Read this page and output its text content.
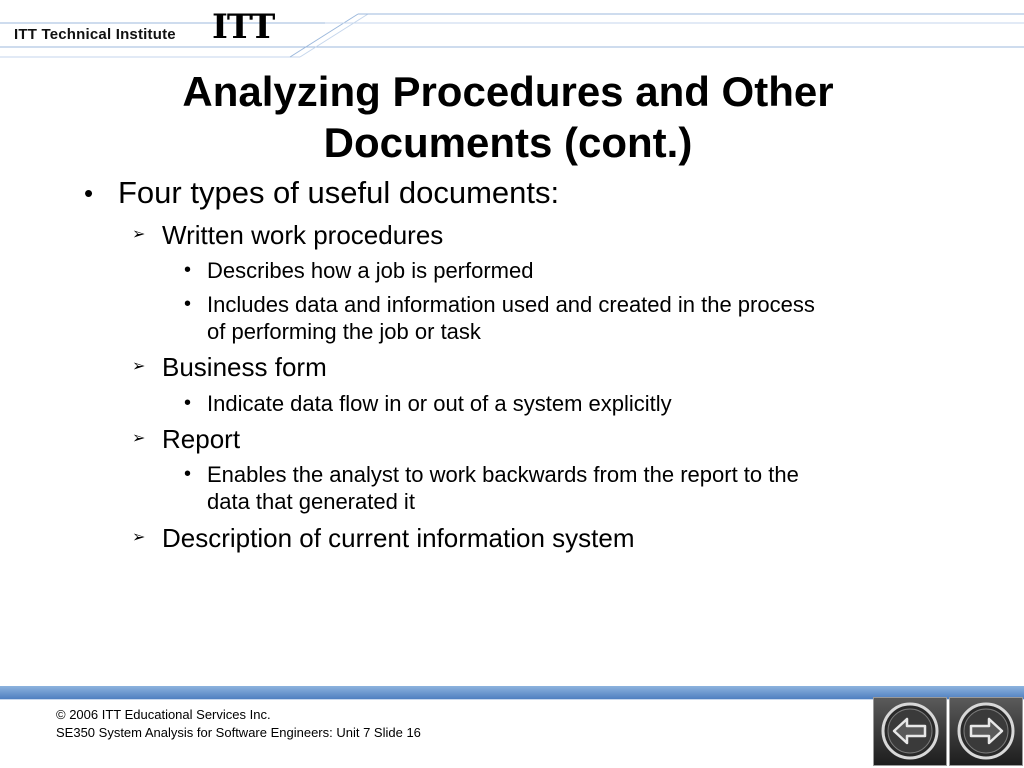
ITT Technical Institute ITT
Analyzing Procedures and Other
Documents (cont.)
• Four types of useful documents:
➢ Written work procedures
• Describes how a job is performed
• Includes data and information used and created in the process
of performing the job or task
➢ Business form
• Indicate data flow in or out of a system explicitly
➢ Report
• Enables the analyst to work backwards from the report to the
data that generated it
➢ Description of current information system
© 2006 ITT Educational Services Inc.
SE350 System Analysis for Software Engineers: Unit 7 Slide 16
